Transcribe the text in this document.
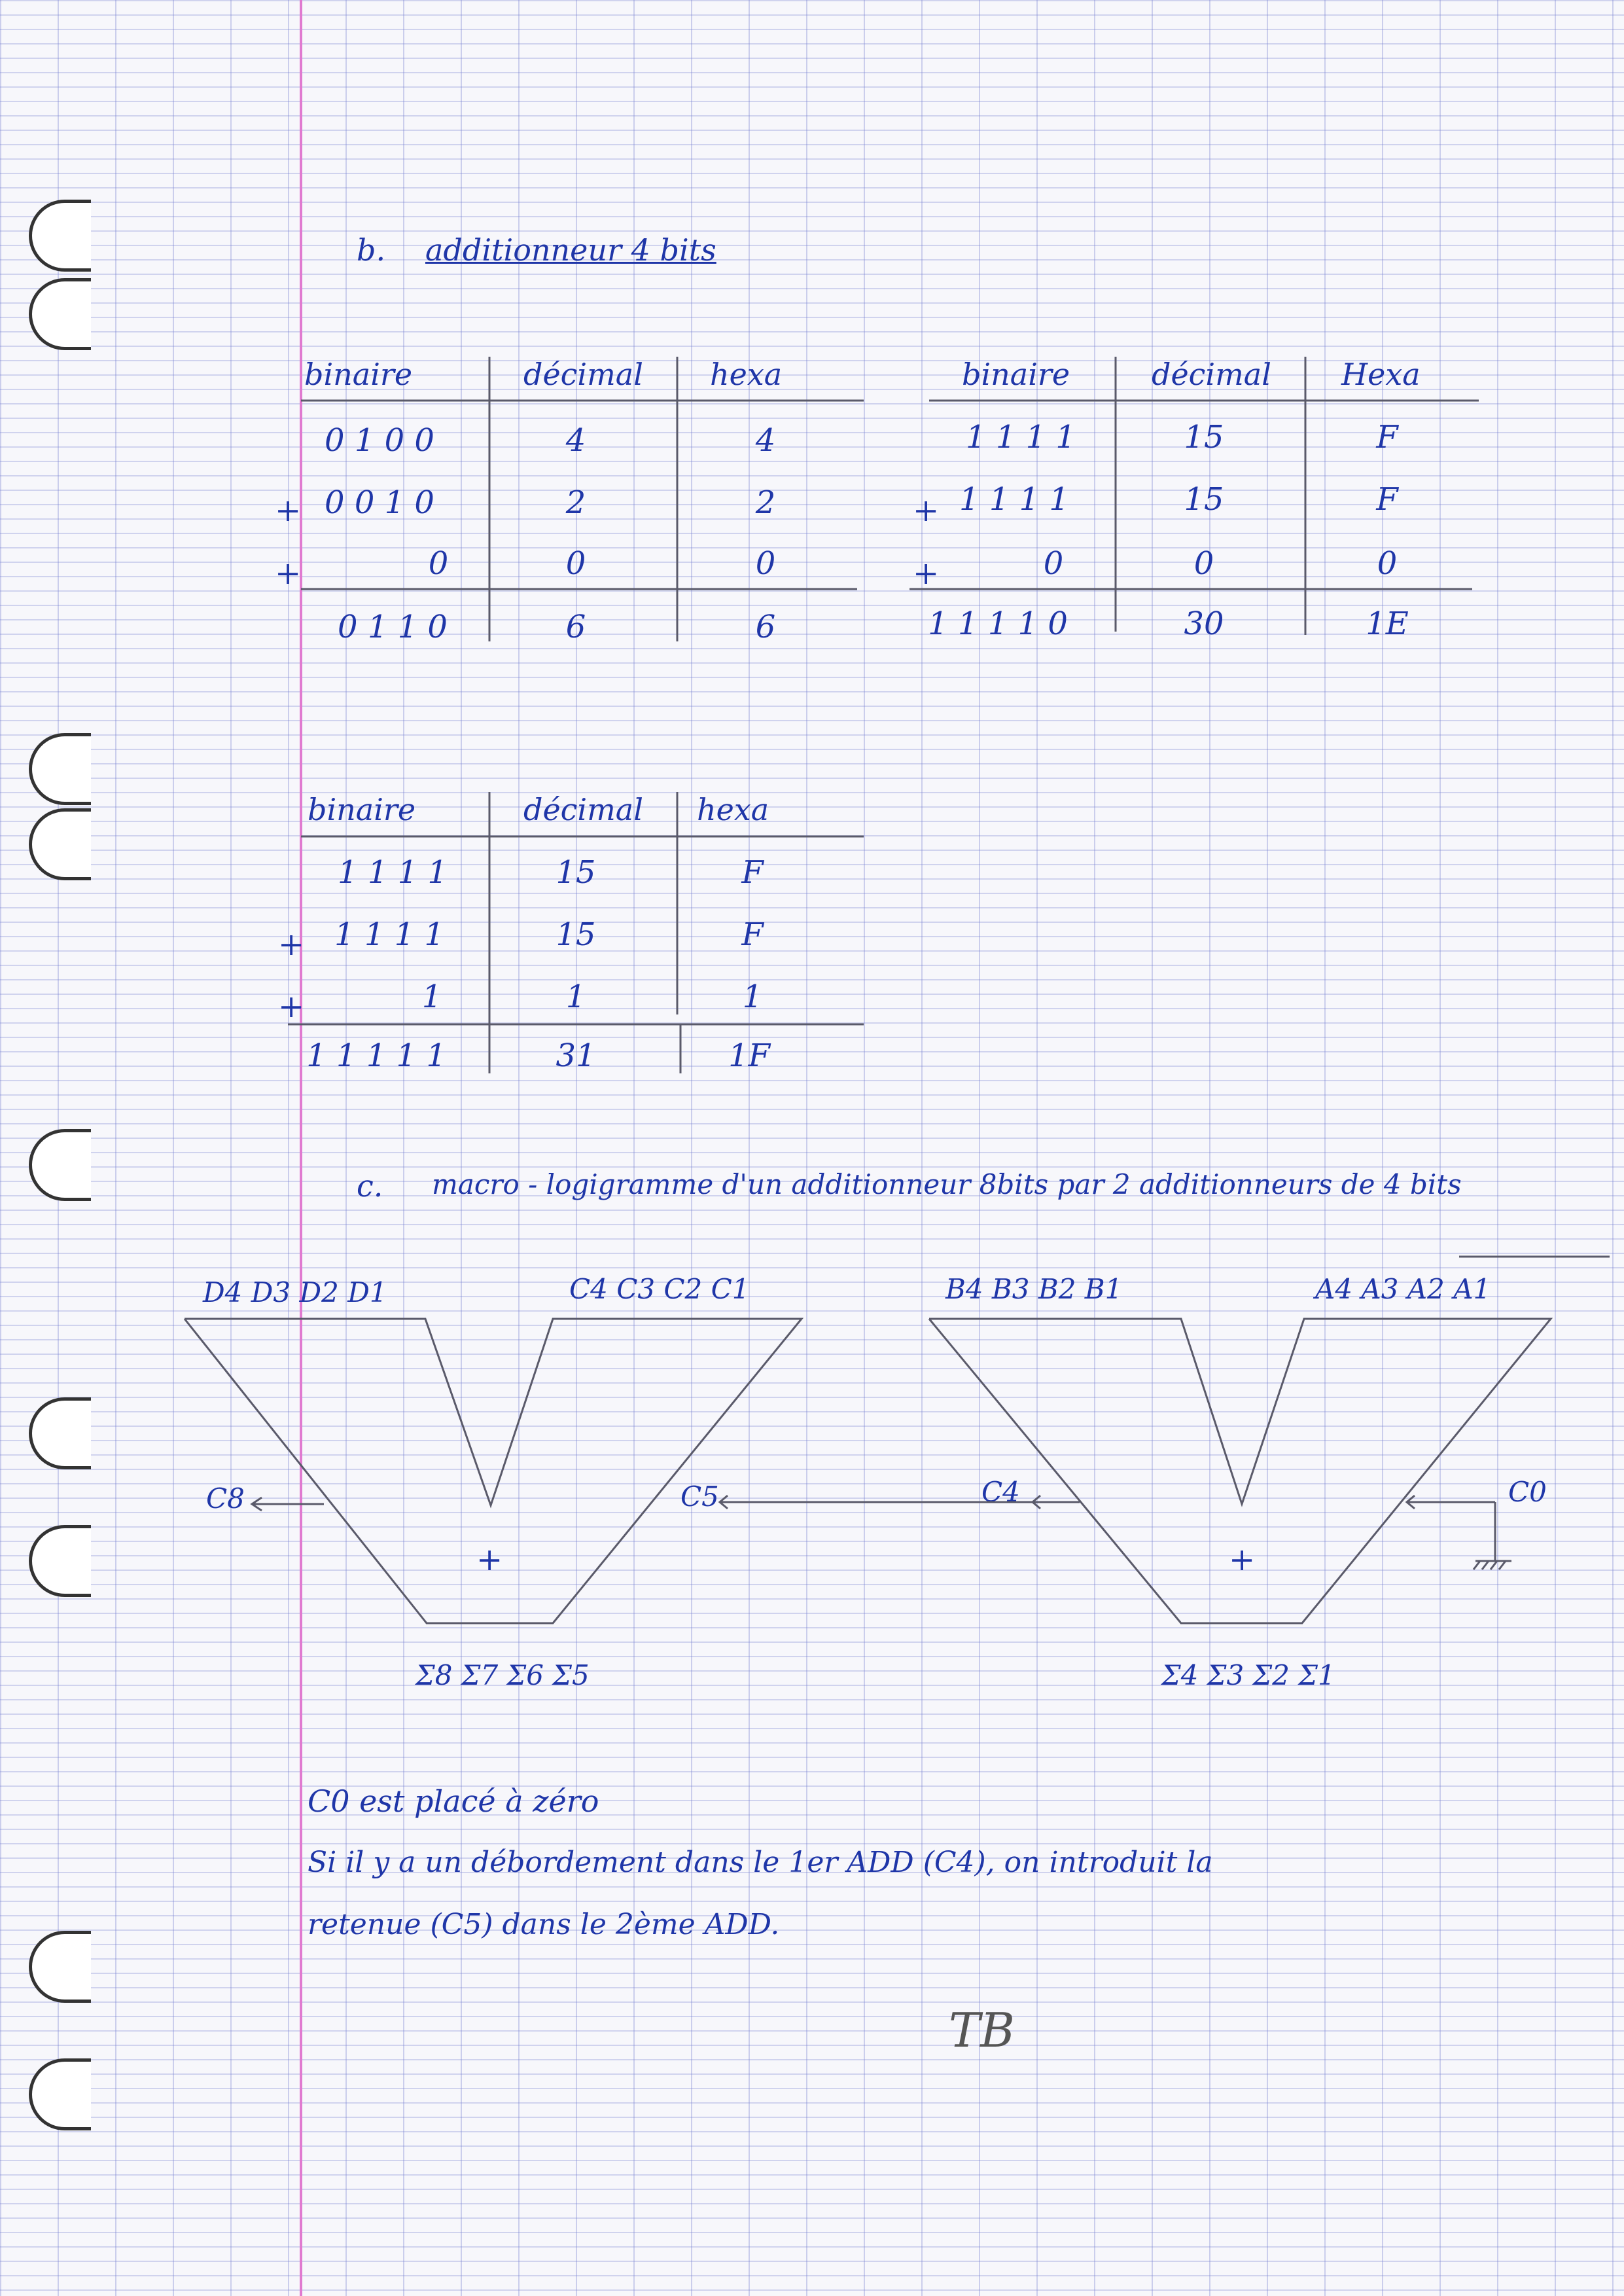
b. additionneur 4 bits
binaire	décimal hexa
0 1 0 0	4	4
+ 0 0 1 0	2	2
+	0	0	0
0 1 1 0	6	6
binaire	décimal Hexa
1 1 1 1	15	F
+ 1 1 1 1	15	F
+	0	0	0
1 1 1 1 0	30	1E
binaire	décimal hexa
1 1 1 1	15	F
+ 1 1 1 1	15	F
+	1	1	1
1 1 1 1 1	31	1F
c. macro - logigramme d'un additionneur 8bits par 2 additionneurs de 4 bits
D4 D3 D2 D1	C4 C3 C2 C1
C8	C5
+
Σ8 Σ7 Σ6 Σ5
B4 B3 B2 B1	A4 A3 A2 A1
C4	C0
+
Σ4 Σ3 Σ2 Σ1
C0 est placé à zéro
Si il y a un débordement dans le 1er ADD (C4), on introduit la
retenue (C5) dans le 2ème ADD.
TB
